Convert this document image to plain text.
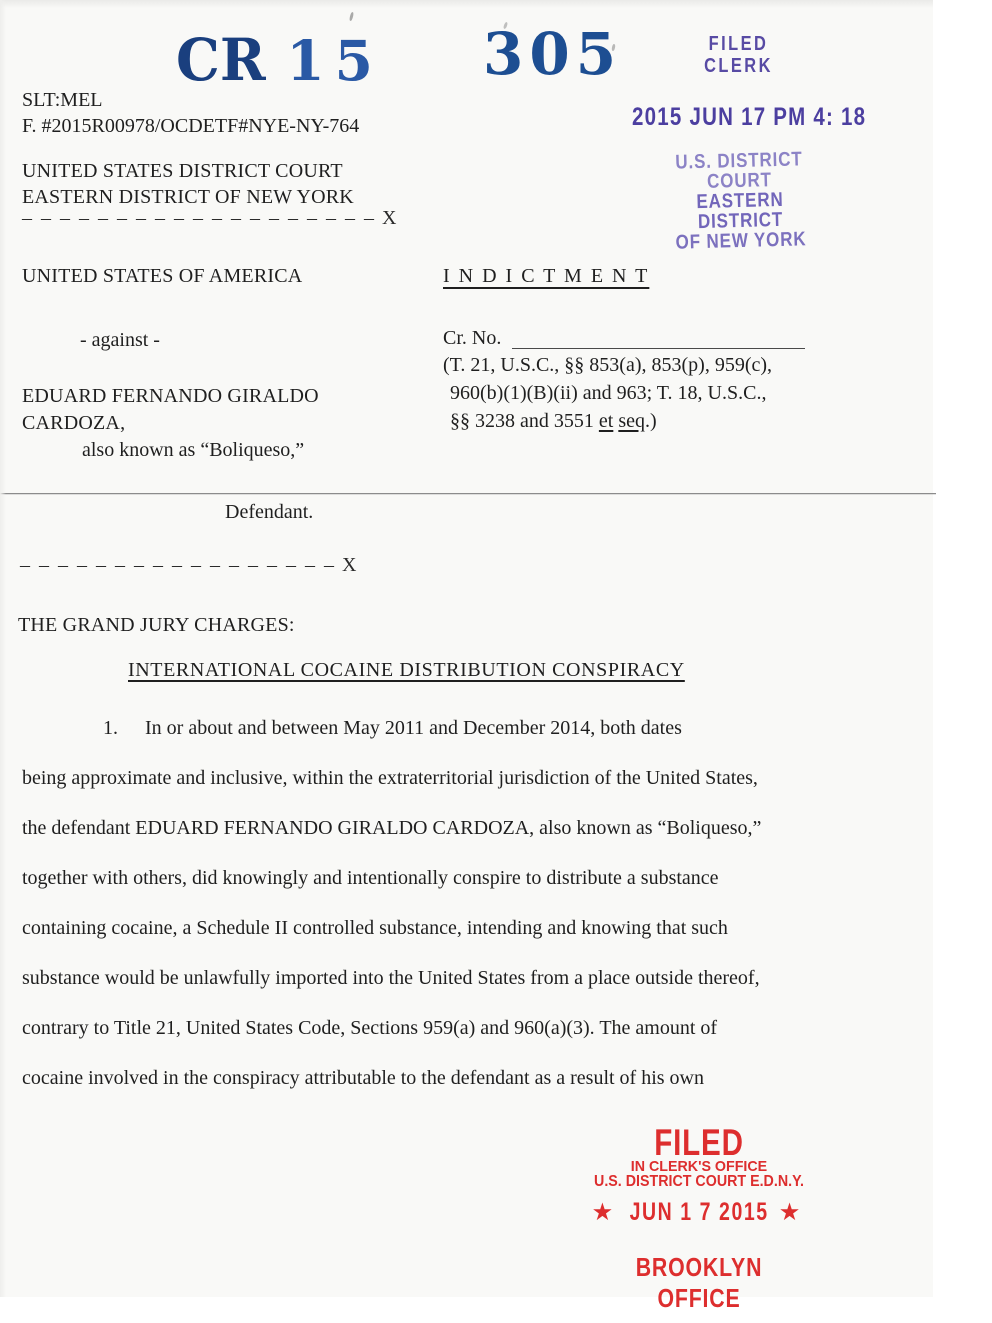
CR 15 305	FILED
CLERK
2015 JUN 17 PM 4: 18
U.S. DISTRICT COURT
EASTERN DISTRICT
OF NEW YORK
SLT:MEL
F. #2015R00978/OCDETF#NYE-NY-764
UNITED STATES DISTRICT COURT
EASTERN DISTRICT OF NEW YORK
– – – – – – – – – – – – – – – – – – – X
UNITED STATES OF AMERICA
- against -
EDUARD FERNANDO GIRALDO
CARDOZA,
also known as “Boliqueso,”
Defendant.
– – – – – – – – – – – – – – – – – X
I N D I C T M E N T
Cr. No.
(T. 21, U.S.C., §§ 853(a), 853(p), 959(c),
960(b)(1)(B)(ii) and 963; T. 18, U.S.C.,
§§ 3238 and 3551 et seq.)
THE GRAND JURY CHARGES:
INTERNATIONAL COCAINE DISTRIBUTION CONSPIRACY
1. In or about and between May 2011 and December 2014, both dates
being approximate and inclusive, within the extraterritorial jurisdiction of the United States,
the defendant EDUARD FERNANDO GIRALDO CARDOZA, also known as “Boliqueso,”
together with others, did knowingly and intentionally conspire to distribute a substance
containing cocaine, a Schedule II controlled substance, intending and knowing that such
substance would be unlawfully imported into the United States from a place outside thereof,
contrary to Title 21, United States Code, Sections 959(a) and 960(a)(3). The amount of
cocaine involved in the conspiracy attributable to the defendant as a result of his own
FILED
IN CLERK'S OFFICE
U.S. DISTRICT COURT E.D.N.Y.
★ JUN 1 7 2015 ★
BROOKLYN OFFICE
